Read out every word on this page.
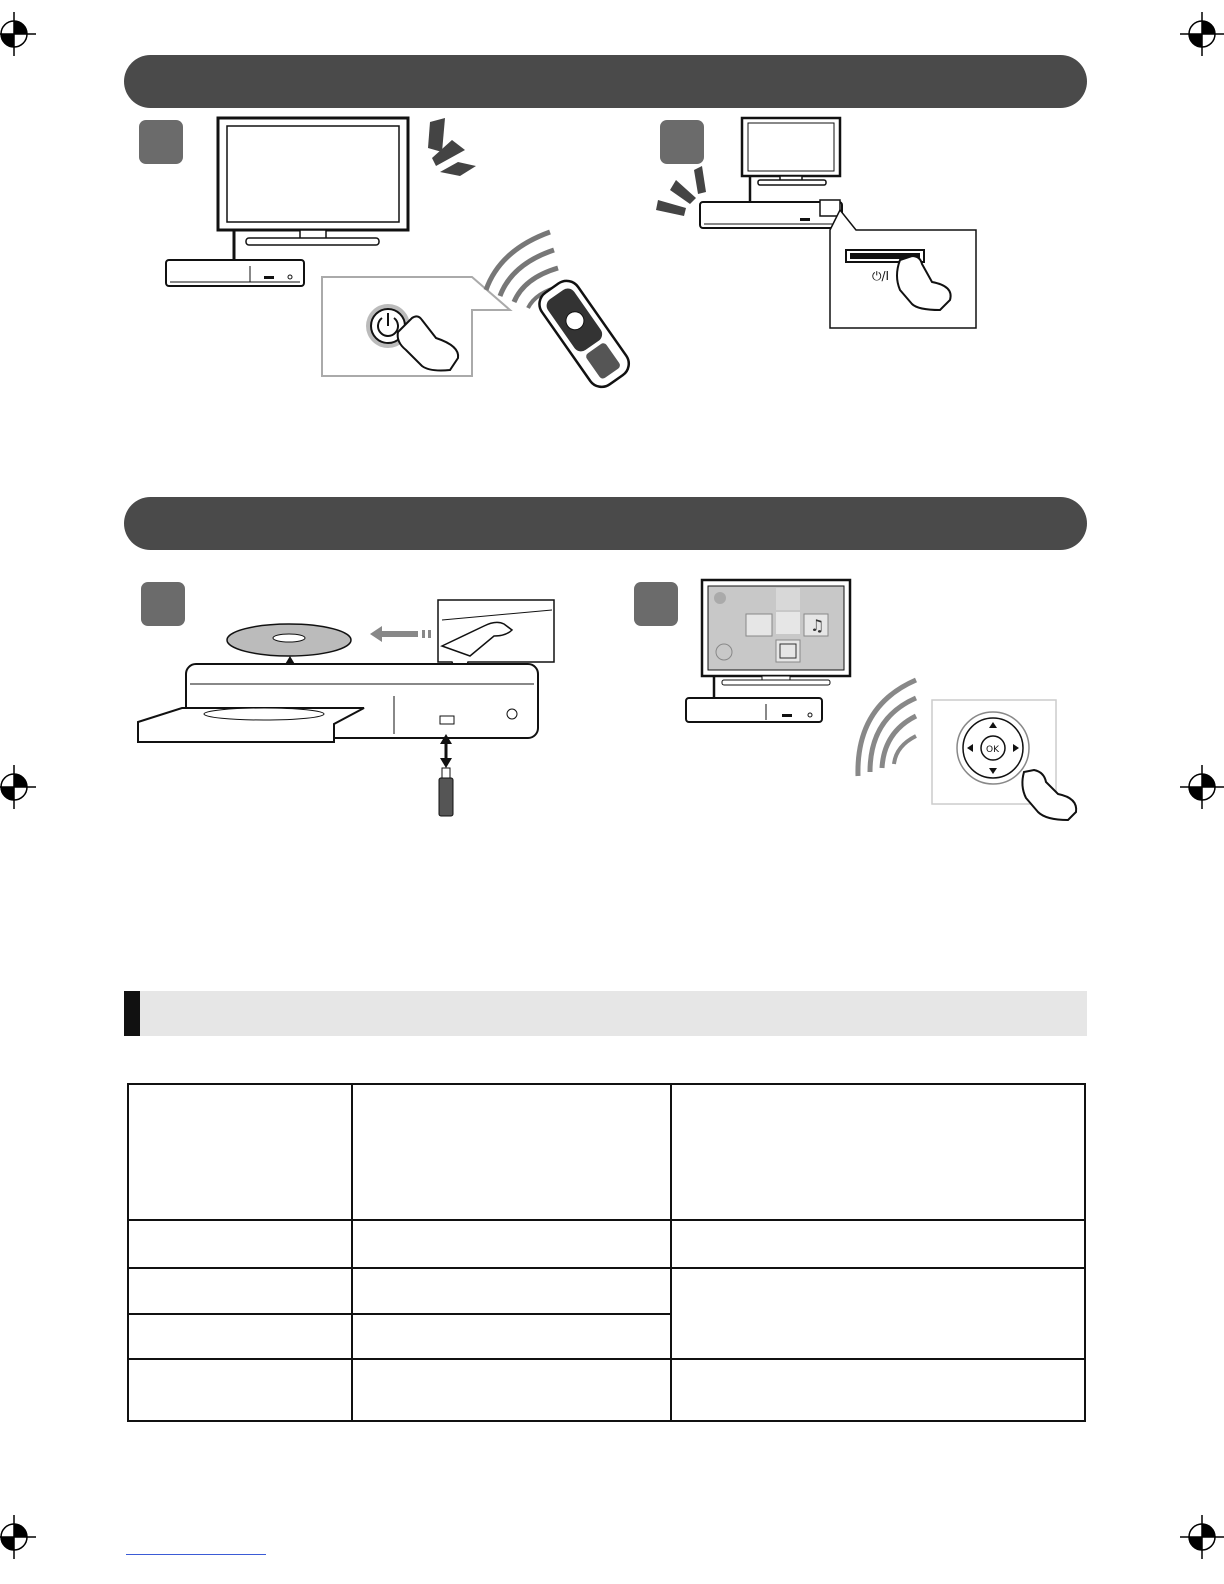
⏻/I
♫
OK
